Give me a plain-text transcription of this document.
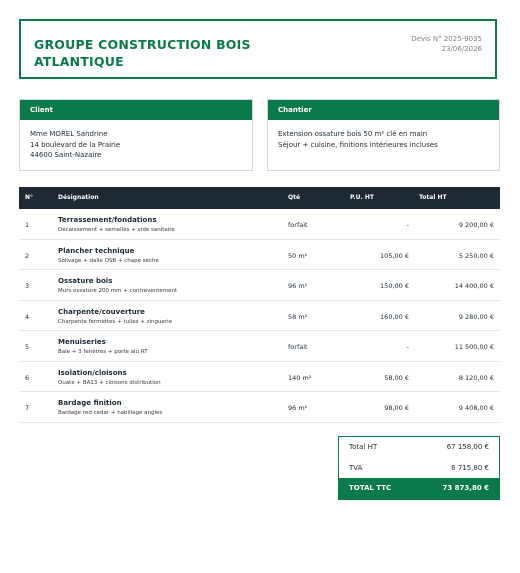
GROUPE CONSTRUCTION BOIS ATLANTIQUE
Devis N° 2025-9035
23/06/2026
Client
Mme MOREL Sandrine
14 boulevard de la Prairie
44600 Saint-Nazaire
Chantier
Extension ossature bois 50 m² clé en main
Séjour + cuisine, finitions intérieures incluses
N°	Désignation	Qté	P.U. HT	Total HT
1
Terrassement/fondations
Décaissement + semelles + vide sanitaire
forfait	-	9 200,00 €
2
Plancher technique
Solivage + dalle OSB + chape sèche
50 m²	105,00 €	5 250,00 €
3
Ossature bois
Murs ossature 200 mm + contreventement
96 m²	150,00 €	14 400,00 €
4
Charpente/couverture
Charpente fermettes + tuiles + zinguerie
58 m²	160,00 €	9 280,00 €
5
Menuiseries
Baie + 3 fenêtres + porte alu RT
forfait	-	11 500,00 €
6
Isolation/cloisons
Ouate + BA13 + cloisons distribution
140 m²	58,00 €	8 120,00 €
7
Bardage finition
Bardage red cedar + habillage angles
96 m²	98,00 €	9 408,00 €
Total HT	67 158,00 €
TVA	6 715,80 €
TOTAL TTC	73 873,80 €
